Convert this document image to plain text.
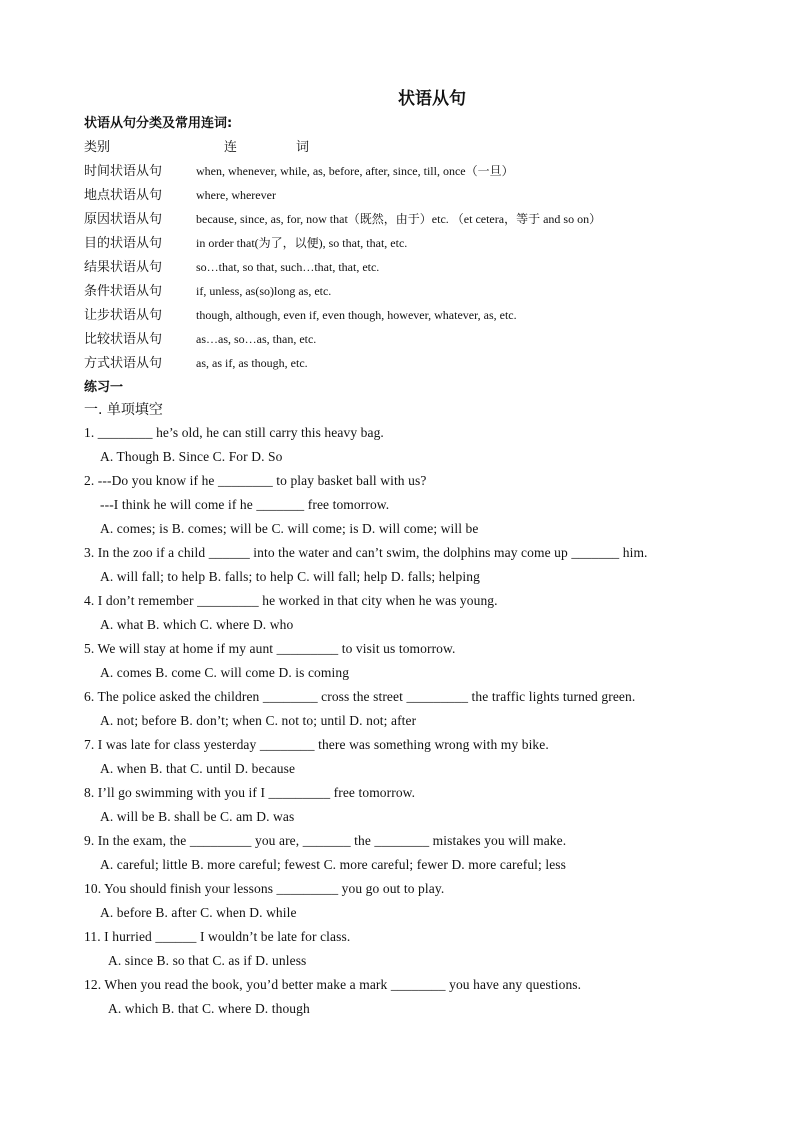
状语从句
状语从句分类及常用连词:
类别	连	词
时间状语从句	when, whenever, while, as, before, after, since, till, once（一旦）
地点状语从句	where, wherever
原因状语从句	because, since, as, for, now that（既然，由于）etc. （et cetera，等于 and so on）
目的状语从句	in order that(为了，以便), so that, that, etc.
结果状语从句	so…that, so that, such…that, that, etc.
条件状语从句	if, unless, as(so)long as, etc.
让步状语从句	though, although, even if, even though, however, whatever, as, etc.
比较状语从句	as…as, so…as, than, etc.
方式状语从句	as, as if, as though, etc.
练习一
一. 单项填空
1. ________ he’s old, he can still carry this heavy bag.
A. Though B. Since C. For D. So
2. ---Do you know if he ________ to play basket ball with us?
---I think he will come if he _______ free tomorrow.
A. comes; is B. comes; will be C. will come; is D. will come; will be
3. In the zoo if a child ______ into the water and can’t swim, the dolphins may come up _______ him.
A. will fall; to help B. falls; to help C. will fall; help D. falls; helping
4. I don’t remember _________ he worked in that city when he was young.
A. what B. which C. where D. who
5. We will stay at home if my aunt _________ to visit us tomorrow.
A. comes B. come C. will come D. is coming
6. The police asked the children ________ cross the street _________ the traffic lights turned green.
A. not; before B. don’t; when C. not to; until D. not; after
7. I was late for class yesterday ________ there was something wrong with my bike.
A. when B. that C. until D. because
8. I’ll go swimming with you if I _________ free tomorrow.
A. will be B. shall be C. am D. was
9. In the exam, the _________ you are, _______ the ________ mistakes you will make.
A. careful; little B. more careful; fewest C. more careful; fewer D. more careful; less
10. You should finish your lessons _________ you go out to play.
A. before B. after C. when D. while
11. I hurried ______ I wouldn’t be late for class.
A. since B. so that C. as if D. unless
12. When you read the book, you’d better make a mark ________ you have any questions.
A. which B. that C. where D. though
